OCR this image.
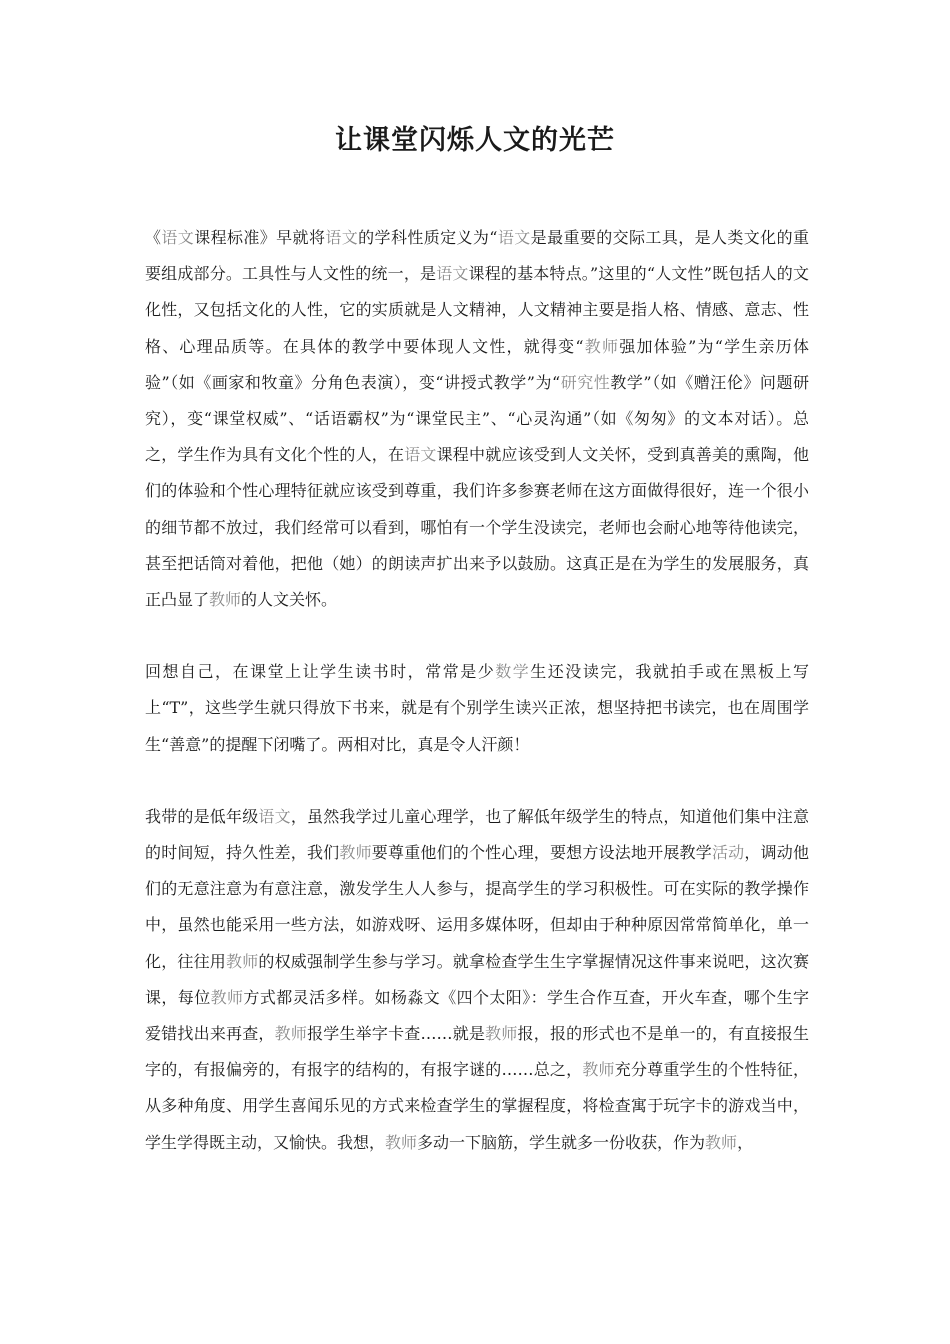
让课堂闪烁人文的光芒

《语文课程标准》早就将语文的学科性质定义为“语文是最重要的交际工具，是人类文化的重要组成部分。工具性与人文性的统一，是语文课程的基本特点。”这里的“人文性”既包括人的文化性，又包括文化的人性，它的实质就是人文精神，人文精神主要是指人格、情感、意志、性格、心理品质等。在具体的教学中要体现人文性，就得变“教师强加体验”为“学生亲历体验”（如《画家和牧童》分角色表演），变“讲授式教学”为“研究性教学”（如《赠汪伦》问题研究），变“课堂权威”、“话语霸权”为“课堂民主”、“心灵沟通”（如《匆匆》的文本对话）。总之，学生作为具有文化个性的人，在语文课程中就应该受到人文关怀，受到真善美的熏陶，他们的体验和个性心理特征就应该受到尊重，我们许多参赛老师在这方面做得很好，连一个很小的细节都不放过，我们经常可以看到，哪怕有一个学生没读完，老师也会耐心地等待他读完，甚至把话筒对着他，把他（她）的朗读声扩出来予以鼓励。这真正是在为学生的发展服务，真正凸显了教师的人文关怀。

回想自己，在课堂上让学生读书时，常常是少数学生还没读完，我就拍手或在黑板上写上“T”，这些学生就只得放下书来，就是有个别学生读兴正浓，想坚持把书读完，也在周围学生“善意”的提醒下闭嘴了。两相对比，真是令人汗颜！

我带的是低年级语文，虽然我学过儿童心理学，也了解低年级学生的特点，知道他们集中注意的时间短，持久性差，我们教师要尊重他们的个性心理，要想方设法地开展教学活动，调动他们的无意注意为有意注意，激发学生人人参与，提高学生的学习积极性。可在实际的教学操作中，虽然也能采用一些方法，如游戏呀、运用多媒体呀，但却由于种种原因常常简单化，单一化，往往用教师的权威强制学生参与学习。就拿检查学生生字掌握情况这件事来说吧，这次赛课，每位教师方式都灵活多样。如杨淼文《四个太阳》：学生合作互查，开火车查，哪个生字爱错找出来再查，教师报学生举字卡查……就是教师报，报的形式也不是单一的，有直接报生字的，有报偏旁的，有报字的结构的，有报字谜的……总之，教师充分尊重学生的个性特征，从多种角度、用学生喜闻乐见的方式来检查学生的掌握程度，将检查寓于玩字卡的游戏当中，学生学得既主动，又愉快。我想，教师多动一下脑筋，学生就多一份收获，作为教师，
